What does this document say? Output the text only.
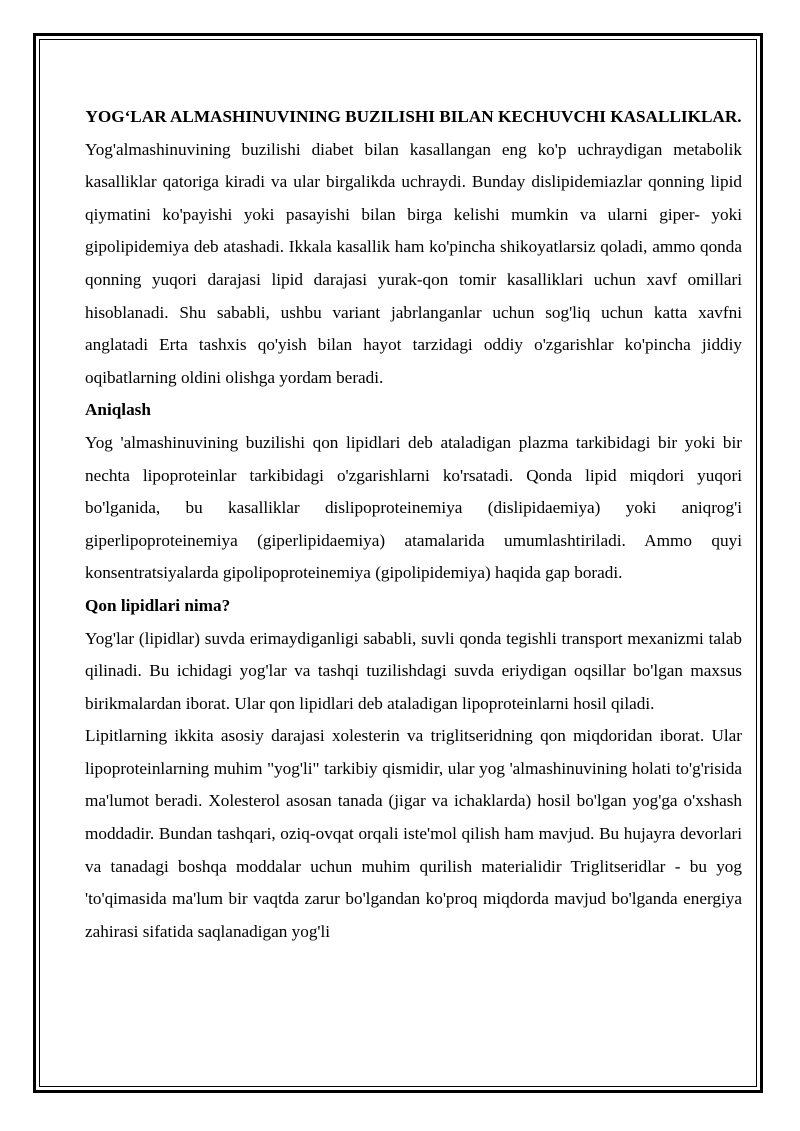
YOG‘LAR ALMASHINUVINING BUZILISHI BILAN KECHUVCHI KASALLIKLAR.

Yog'almashinuvining buzilishi diabet bilan kasallangan eng ko'p uchraydigan metabolik kasalliklar qatoriga kiradi va ular birgalikda uchraydi. Bunday dislipidemiazlar qonning lipid qiymatini ko'payishi yoki pasayishi bilan birga kelishi mumkin va ularni giper- yoki gipolipidemiya deb atashadi. Ikkala kasallik ham ko'pincha shikoyatlarsiz qoladi, ammo qonda qonning yuqori darajasi lipid darajasi yurak-qon tomir kasalliklari uchun xavf omillari hisoblanadi. Shu sababli, ushbu variant jabrlanganlar uchun sog'liq uchun katta xavfni anglatadi Erta tashxis qo'yish bilan hayot tarzidagi oddiy o'zgarishlar ko'pincha jiddiy oqibatlarning oldini olishga yordam beradi.

Aniqlash

Yog 'almashinuvining buzilishi qon lipidlari deb ataladigan plazma tarkibidagi bir yoki bir nechta lipoproteinlar tarkibidagi o'zgarishlarni ko'rsatadi. Qonda lipid miqdori yuqori bo'lganida, bu kasalliklar dislipoproteinemiya (dislipidaemiya) yoki aniqrog'i giperlipoproteinemiya (giperlipidaemiya) atamalarida umumlashtiriladi. Ammo quyi konsentratsiyalarda gipolipoproteinemiya (gipolipidemiya) haqida gap boradi.

Qon lipidlari nima?

Yog'lar (lipidlar) suvda erimaydiganligi sababli, suvli qonda tegishli transport mexanizmi talab qilinadi. Bu ichidagi yog'lar va tashqi tuzilishdagi suvda eriydigan oqsillar bo'lgan maxsus birikmalardan iborat. Ular qon lipidlari deb ataladigan lipoproteinlarni hosil qiladi.

Lipitlarning ikkita asosiy darajasi xolesterin va triglitseridning qon miqdoridan iborat. Ular lipoproteinlarning muhim "yog'li" tarkibiy qismidir, ular yog 'almashinuvining holati to'g'risida ma'lumot beradi. Xolesterol asosan tanada (jigar va ichaklarda) hosil bo'lgan yog'ga o'xshash moddadir. Bundan tashqari, oziq-ovqat orqali iste'mol qilish ham mavjud. Bu hujayra devorlari va tanadagi boshqa moddalar uchun muhim qurilish materialidir Triglitseridlar - bu yog 'to'qimasida ma'lum bir vaqtda zarur bo'lgandan ko'proq miqdorda mavjud bo'lganda energiya zahirasi sifatida saqlanadigan yog'li
